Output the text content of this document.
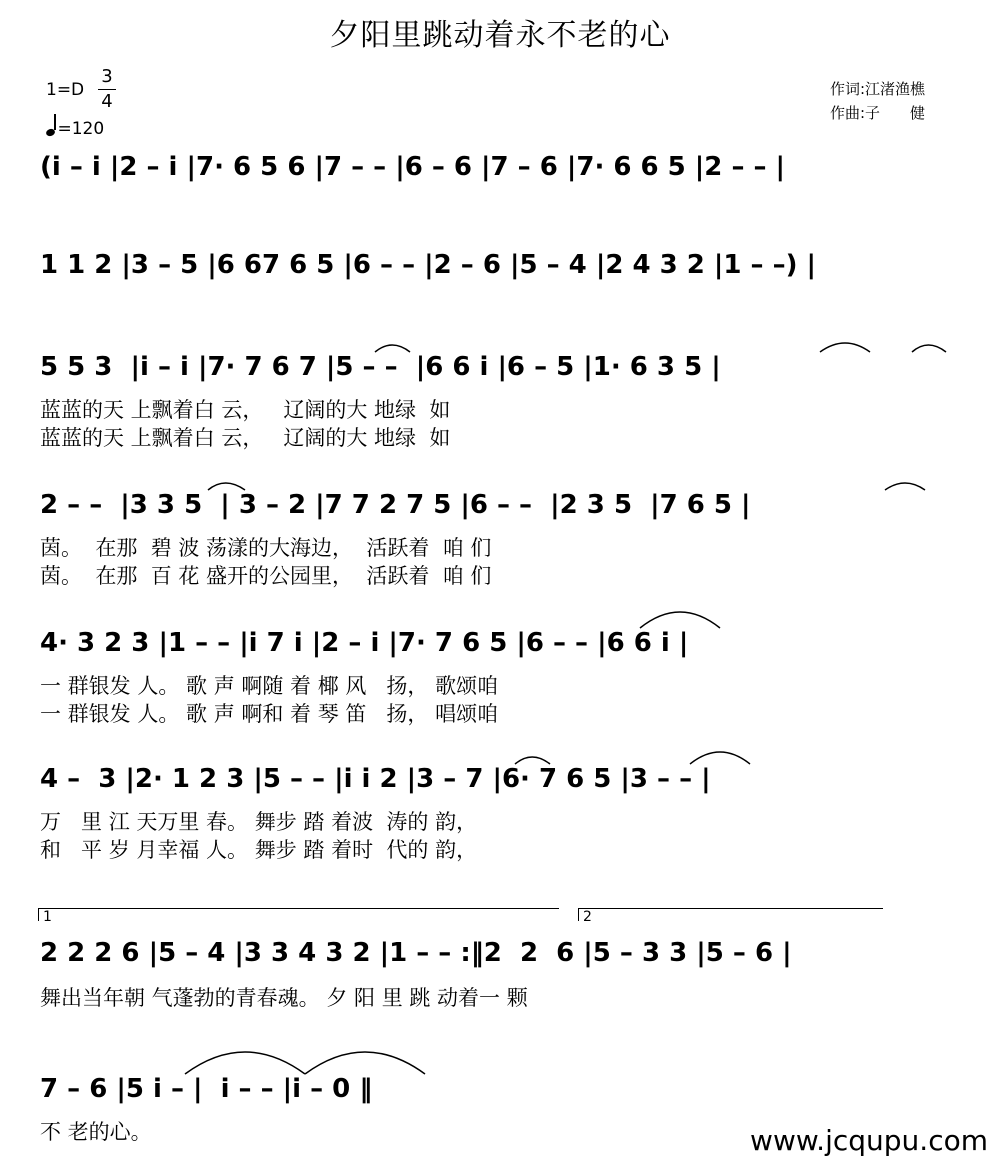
夕阳里跳动着永不老的心
1=D
3
4
=120
作词:江渚渔樵
作曲:子　　健
(i – i |2 – i |7· 6 5 6 |7 – – |6 – 6 |7 – 6 |7· 6 6 5 |2 – – |
1 1 2 |3 – 5 |6 67 6 5 |6 – – |2 – 6 |5 – 4 |2 4 3 2 |1 – –) |
5 5 3  |i – i |7· 7 6 7 |5 – –  |6 6 i |6 – 5 |1· 6 3 5 |
蓝蓝的天 上飘着白 云，   辽阔的大 地绿  如
蓝蓝的天 上飘着白 云，   辽阔的大 地绿  如
2 – –  |3 3 5  | 3 – 2 |7 7 2 7 5 |6 – –  |2 3 5  |7 6 5 |
茵。  在那  碧 波 荡漾的大海边，  活跃着  咱 们
茵。  在那  百 花 盛开的公园里，  活跃着  咱 们
4· 3 2 3 |1 – – |i 7 i |2 – i |7· 7 6 5 |6 – – |6 6 i |
一 群银发 人。 歌 声 啊随 着 椰 风   扬， 歌颂咱
一 群银发 人。 歌 声 啊和 着 琴 笛   扬， 唱颂咱
4 –  3 |2· 1 2 3 |5 – – |i i 2 |3 – 7 |6· 7 6 5 |3 – – |
万   里 江 天万里 春。 舞步 踏 着波  涛的 韵，
和   平 岁 月幸福 人。 舞步 踏 着时  代的 韵，
1	2
2 2 2 6 |5 – 4 |3 3 4 3 2 |1 – – :‖2  2  6 |5 – 3 3 |5 – 6 |
舞出当年朝 气蓬勃的青春魂。 夕 阳 里 跳 动着一 颗
7 – 6 |5 i – |  i – – |i – 0 ‖
不 老的心。	www.jcqupu.com
